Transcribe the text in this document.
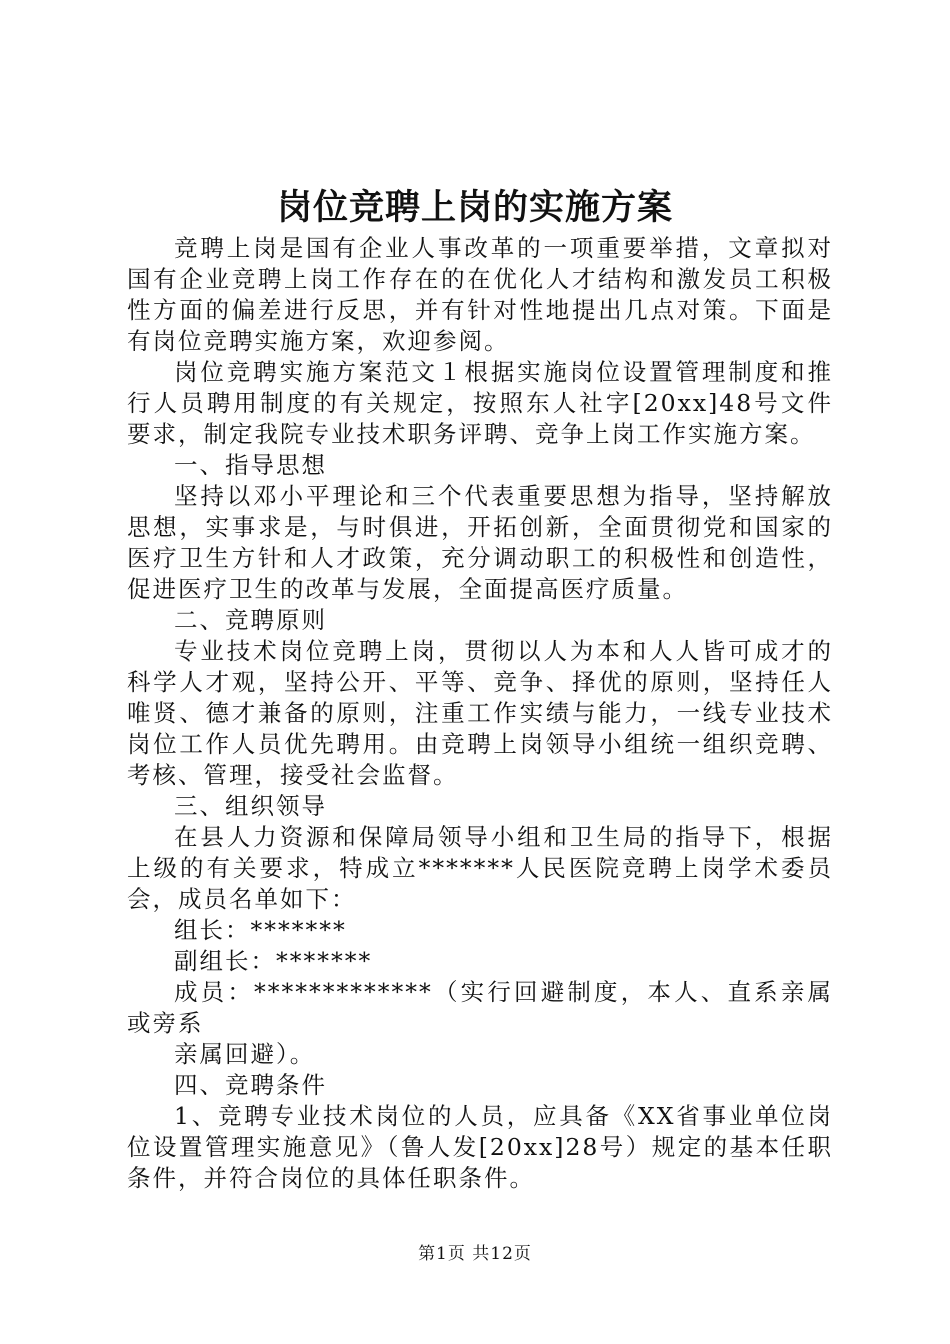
岗位竞聘上岗的实施方案

竞聘上岗是国有企业人事改革的一项重要举措，文章拟对国有企业竞聘上岗工作存在的在优化人才结构和激发员工积极性方面的偏差进行反思，并有针对性地提出几点对策。下面是有岗位竞聘实施方案，欢迎参阅。

岗位竞聘实施方案范文１根据实施岗位设置管理制度和推行人员聘用制度的有关规定，按照东人社字[20xx]48号文件要求，制定我院专业技术职务评聘、竞争上岗工作实施方案。

一、指导思想

坚持以邓小平理论和三个代表重要思想为指导，坚持解放思想，实事求是，与时俱进，开拓创新，全面贯彻党和国家的医疗卫生方针和人才政策，充分调动职工的积极性和创造性，促进医疗卫生的改革与发展，全面提高医疗质量。

二、竞聘原则

专业技术岗位竞聘上岗，贯彻以人为本和人人皆可成才的科学人才观，坚持公开、平等、竞争、择优的原则，坚持任人唯贤、德才兼备的原则，注重工作实绩与能力，一线专业技术岗位工作人员优先聘用。由竞聘上岗领导小组统一组织竞聘、考核、管理，接受社会监督。

三、组织领导

在县人力资源和保障局领导小组和卫生局的指导下，根据上级的有关要求，特成立*******人民医院竞聘上岗学术委员会，成员名单如下：

组长：*******

副组长：*******

成员：*************（实行回避制度，本人、直系亲属或旁系

亲属回避）。

四、竞聘条件

1、竞聘专业技术岗位的人员，应具备《XX省事业单位岗位设置管理实施意见》（鲁人发[20xx]28号）规定的基本任职条件，并符合岗位的具体任职条件。

第1页 共12页
